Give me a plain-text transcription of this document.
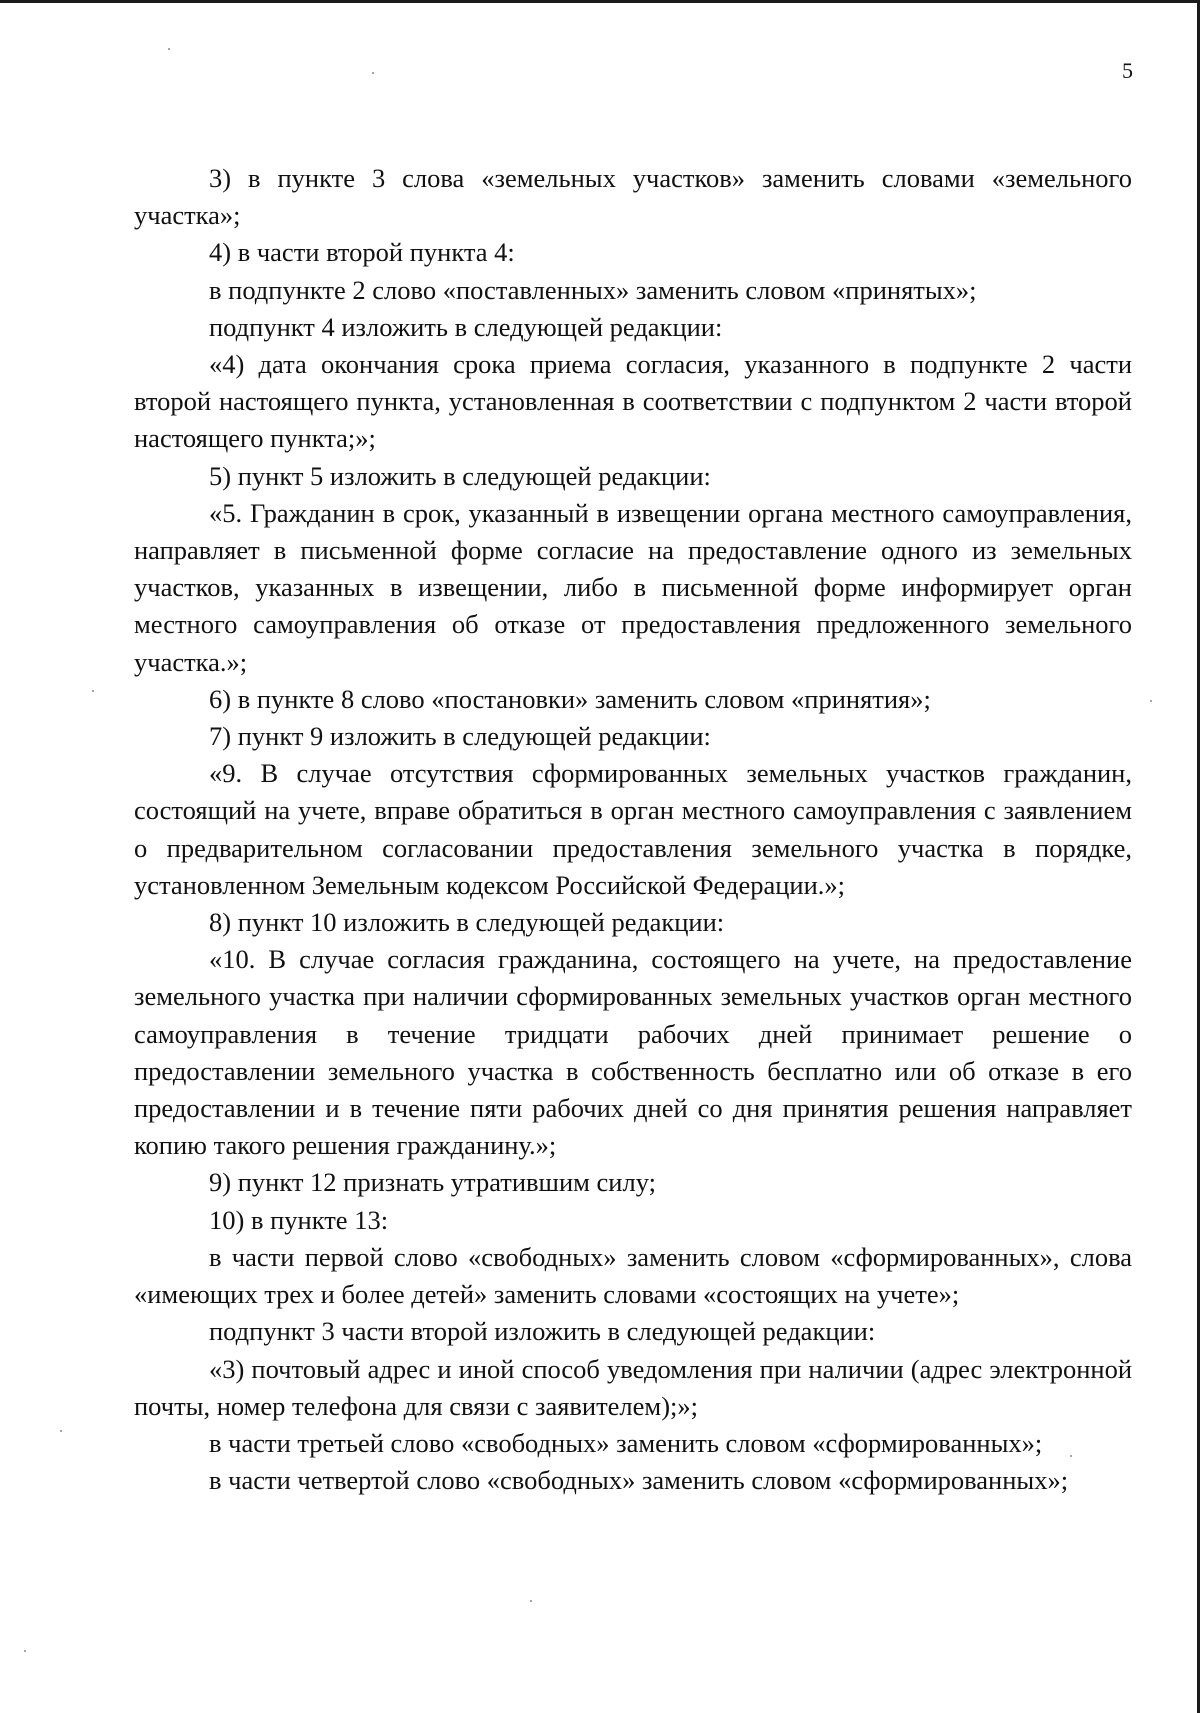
5

3) в пункте 3 слова «земельных участков» заменить словами «земельного участка»;

4) в части второй пункта 4:

в подпункте 2 слово «поставленных» заменить словом «принятых»;

подпункт 4 изложить в следующей редакции:

«4) дата окончания срока приема согласия, указанного в подпункте 2 части второй настоящего пункта, установленная в соответствии с подпунктом 2 части второй настоящего пункта;»;

5) пункт 5 изложить в следующей редакции:

«5. Гражданин в срок, указанный в извещении органа местного самоуправления, направляет в письменной форме согласие на предоставление одного из земельных участков, указанных в извещении, либо в письменной форме информирует орган местного самоуправления об отказе от предоставления предложенного земельного участка.»;

6) в пункте 8 слово «постановки» заменить словом «принятия»;

7) пункт 9 изложить в следующей редакции:

«9. В случае отсутствия сформированных земельных участков гражданин, состоящий на учете, вправе обратиться в орган местного самоуправления с заявлением о предварительном согласовании предоставления земельного участка в порядке, установленном Земельным кодексом Российской Федерации.»;

8) пункт 10 изложить в следующей редакции:

«10. В случае согласия гражданина, состоящего на учете, на предоставление земельного участка при наличии сформированных земельных участков орган местного самоуправления в течение тридцати рабочих дней принимает решение о предоставлении земельного участка в собственность бесплатно или об отказе в его предоставлении и в течение пяти рабочих дней со дня принятия решения направляет копию такого решения гражданину.»;

9) пункт 12 признать утратившим силу;

10) в пункте 13:

в части первой слово «свободных» заменить словом «сформированных», слова «имеющих трех и более детей» заменить словами «состоящих на учете»;

подпункт 3 части второй изложить в следующей редакции:

«3) почтовый адрес и иной способ уведомления при наличии (адрес электронной почты, номер телефона для связи с заявителем);»;

в части третьей слово «свободных» заменить словом «сформированных»;

в части четвертой слово «свободных» заменить словом «сформированных»;
